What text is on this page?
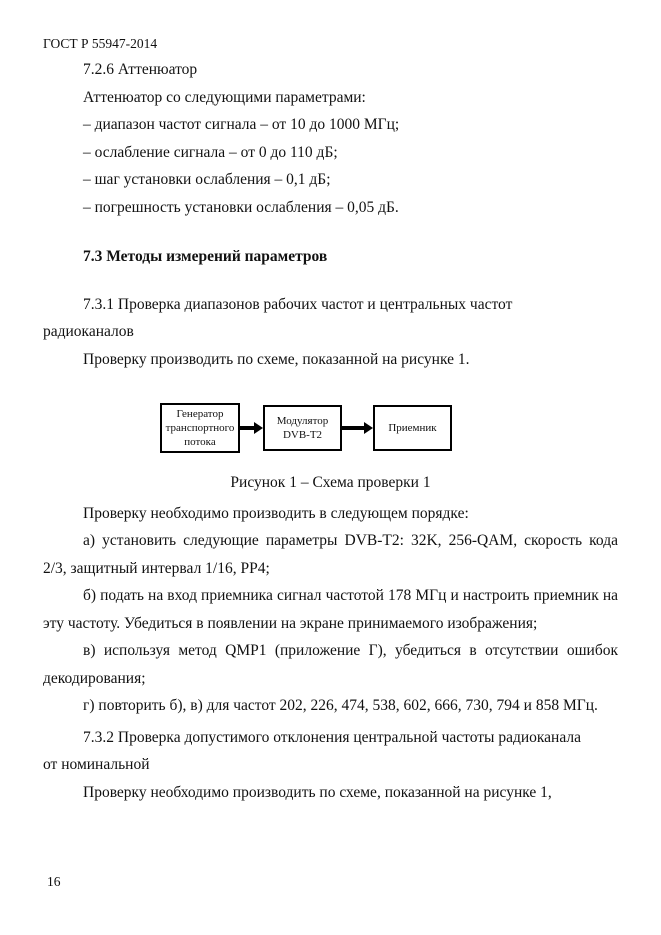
ГОСТ Р 55947-2014

7.2.6 Аттенюатор

Аттенюатор со следующими параметрами:

– диапазон частот сигнала – от 10 до 1000 МГц;

– ослабление сигнала – от 0 до 110 дБ;

– шаг установки ослабления – 0,1 дБ;

– погрешность установки ослабления – 0,05 дБ.

7.3 Методы измерений параметров

7.3.1 Проверка диапазонов рабочих частот и центральных частот радиоканалов

Проверку производить по схеме, показанной на рисунке 1.

Генератор транспортного потока
Модулятор DVB-T2
Приемник

Рисунок 1 – Схема проверки 1

Проверку необходимо производить в следующем порядке:

а) установить следующие параметры DVB-T2: 32K, 256-QAM, скорость кода 2/3, защитный интервал 1/16, PP4;

б) подать на вход приемника сигнал частотой 178 МГц и настроить приемник на эту частоту. Убедиться в появлении на экране принимаемого изображения;

в) используя метод QMP1 (приложение Г), убедиться в отсутствии ошибок декодирования;

г) повторить б), в) для частот 202, 226, 474, 538, 602, 666, 730, 794 и 858 МГц.

7.3.2 Проверка допустимого отклонения центральной частоты радиоканала от номинальной

Проверку необходимо производить по схеме, показанной на рисунке 1,

16
